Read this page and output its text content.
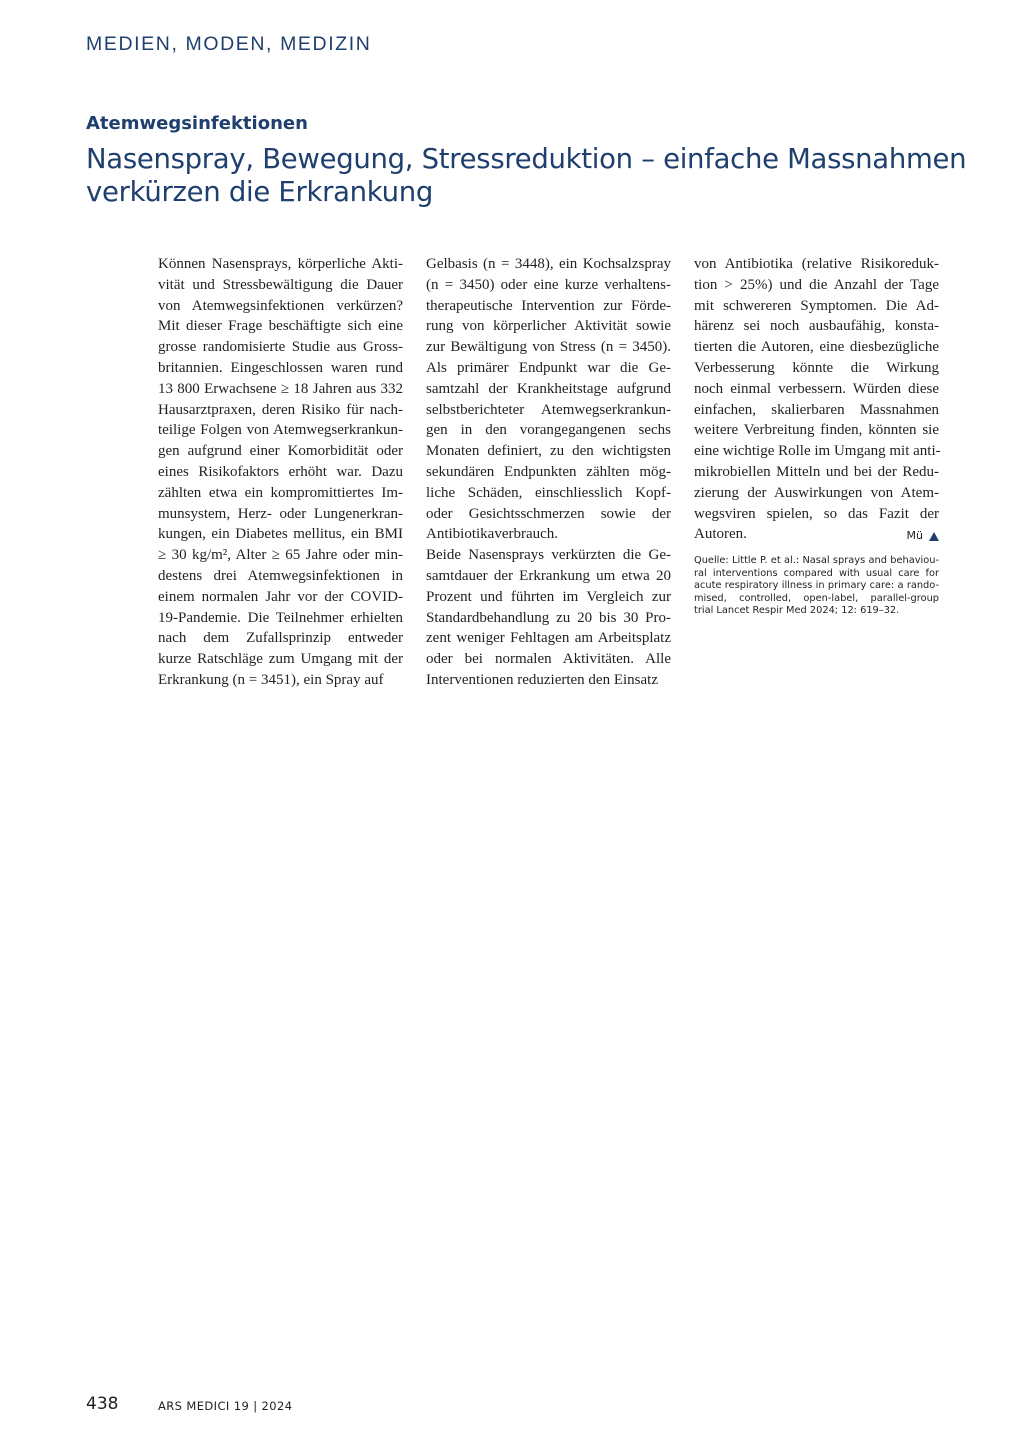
MEDIEN, MODEN, MEDIZIN
Atemwegsinfektionen
Nasenspray, Bewegung, Stressreduktion – einfache Massnahmen
verkürzen die Erkrankung
Können Nasensprays, körperliche Akti-
vität und Stressbewältigung die Dauer
von Atemwegsinfektionen verkürzen?
Mit dieser Frage beschäftigte sich eine
grosse randomisierte Studie aus Gross-
britannien. Eingeschlossen waren rund
13 800 Erwachsene ≥ 18 Jahren aus 332
Hausarztpraxen, deren Risiko für nach-
teilige Folgen von Atemwegserkrankun-
gen aufgrund einer Komorbidität oder
eines Risikofaktors erhöht war. Dazu
zählten etwa ein kompromittiertes Im-
munsystem, Herz- oder Lungenerkran-
kungen, ein Diabetes mellitus, ein BMI
≥ 30 kg/m², Alter ≥ 65 Jahre oder min-
destens drei Atemwegsinfektionen in
einem normalen Jahr vor der COVID-
19-Pandemie. Die Teilnehmer erhielten
nach dem Zufallsprinzip entweder
kurze Ratschläge zum Umgang mit der
Erkrankung (n = 3451), ein Spray auf
Gelbasis (n = 3448), ein Kochsalzspray
(n = 3450) oder eine kurze verhaltens-
therapeutische Intervention zur Förde-
rung von körperlicher Aktivität sowie
zur Bewältigung von Stress (n = 3450).
Als primärer Endpunkt war die Ge-
samtzahl der Krankheitstage aufgrund
selbstberichteter Atemwegserkrankun-
gen in den vorangegangenen sechs
Monaten definiert, zu den wichtigsten
sekundären Endpunkten zählten mög-
liche Schäden, einschliesslich Kopf-
oder Gesichtsschmerzen sowie der
Antibiotikaverbrauch.
Beide Nasensprays verkürzten die Ge-
samtdauer der Erkrankung um etwa 20
Prozent und führten im Vergleich zur
Standardbehandlung zu 20 bis 30 Pro-
zent weniger Fehltagen am Arbeitsplatz
oder bei normalen Aktivitäten. Alle
Interventionen reduzierten den Einsatz
von Antibiotika (relative Risikoreduk-
tion > 25%) und die Anzahl der Tage
mit schwereren Symptomen. Die Ad-
härenz sei noch ausbaufähig, konsta-
tierten die Autoren, eine diesbezügliche
Verbesserung könnte die Wirkung
noch einmal verbessern. Würden diese
einfachen, skalierbaren Massnahmen
weitere Verbreitung finden, könnten sie
eine wichtige Rolle im Umgang mit anti-
mikrobiellen Mitteln und bei der Redu-
zierung der Auswirkungen von Atem-
wegsviren spielen, so das Fazit der
Autoren.	Mü
Quelle: Little P. et al.: Nasal sprays and behaviou-
ral interventions compared with usual care for
acute respiratory illness in primary care: a rando-
mised, controlled, open-label, parallel-group
trial Lancet Respir Med 2024; 12: 619–32.
438	ARS MEDICI 19 | 2024
